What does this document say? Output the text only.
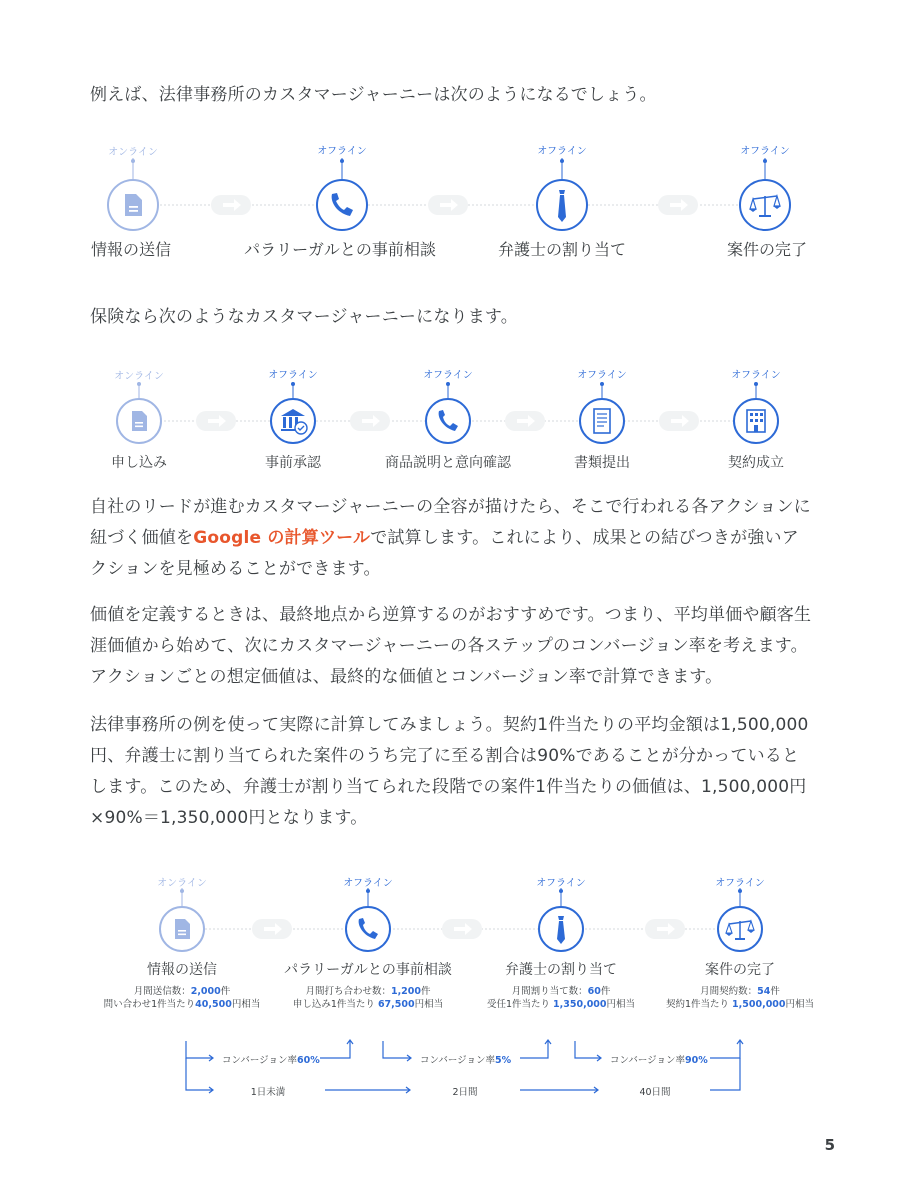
例えば、法律事務所のカスタマージャーニーは次のようになるでしょう。
オンライン	オフライン	オフライン	オフライン
情報の送信	パラリーガルとの事前相談	弁護士の割り当て	案件の完了
保険なら次のようなカスタマージャーニーになります。
オンライン	オフライン	オフライン	オフライン	オフライン
申し込み	事前承認	商品説明と意向確認	書類提出	契約成立
自社のリードが進むカスタマージャーニーの全容が描けたら、そこで行われる各アクションに紐づく価値をGoogle の計算ツールで試算します。これにより、成果との結びつきが強いアクションを見極めることができます。
価値を定義するときは、最終地点から逆算するのがおすすめです。つまり、平均単価や顧客生涯価値から始めて、次にカスタマージャーニーの各ステップのコンバージョン率を考えます。アクションごとの想定価値は、最終的な価値とコンバージョン率で計算できます。
法律事務所の例を使って実際に計算してみましょう。契約1件当たりの平均金額は1,500,000円、弁護士に割り当てられた案件のうち完了に至る割合は90%であることが分かっているとします。このため、弁護士が割り当てられた段階での案件1件当たりの価値は、1,500,000円×90%＝1,350,000円となります。
オンライン	オフライン	オフライン	オフライン
情報の送信	パラリーガルとの事前相談	弁護士の割り当て	案件の完了
月間送信数：2,000件
問い合わせ1件当たり40,500円相当
月間打ち合わせ数：1,200件
申し込み1件当たり 67,500円相当
月間割り当て数：60件
受任1件当たり 1,350,000円相当
月間契約数：54件
契約1件当たり 1,500,000円相当
コンバージョン率60%	コンバージョン率5%	コンバージョン率90%
1日未満	2日間	40日間
5
